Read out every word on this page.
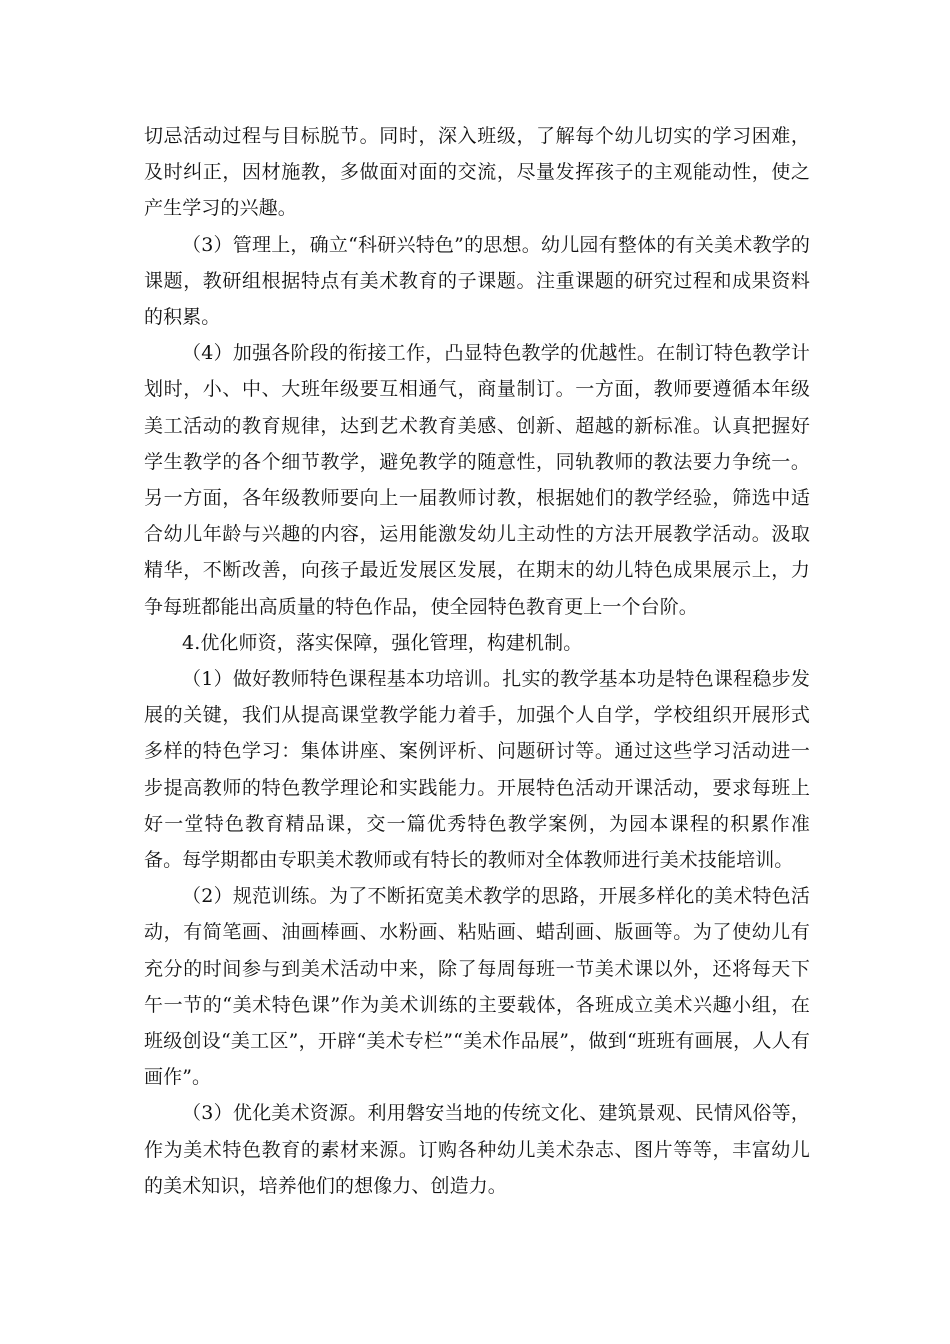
切忌活动过程与目标脱节。同时，深入班级，了解每个幼儿切实的学习困难，及时纠正，因材施教，多做面对面的交流，尽量发挥孩子的主观能动性，使之产生学习的兴趣。

（3）管理上，确立“科研兴特色”的思想。幼儿园有整体的有关美术教学的课题，教研组根据特点有美术教育的子课题。注重课题的研究过程和成果资料的积累。

（4）加强各阶段的衔接工作，凸显特色教学的优越性。在制订特色教学计划时，小、中、大班年级要互相通气，商量制订。一方面，教师要遵循本年级美工活动的教育规律，达到艺术教育美感、创新、超越的新标准。认真把握好学生教学的各个细节教学，避免教学的随意性，同轨教师的教法要力争统一。另一方面，各年级教师要向上一届教师讨教，根据她们的教学经验，筛选中适合幼儿年龄与兴趣的内容，运用能激发幼儿主动性的方法开展教学活动。汲取精华，不断改善，向孩子最近发展区发展，在期末的幼儿特色成果展示上，力争每班都能出高质量的特色作品，使全园特色教育更上一个台阶。

4.优化师资，落实保障，强化管理，构建机制。

（1）做好教师特色课程基本功培训。扎实的教学基本功是特色课程稳步发展的关键，我们从提高课堂教学能力着手，加强个人自学，学校组织开展形式多样的特色学习：集体讲座、案例评析、问题研讨等。通过这些学习活动进一步提高教师的特色教学理论和实践能力。开展特色活动开课活动，要求每班上好一堂特色教育精品课，交一篇优秀特色教学案例，为园本课程的积累作准备。每学期都由专职美术教师或有特长的教师对全体教师进行美术技能培训。

（2）规范训练。为了不断拓宽美术教学的思路，开展多样化的美术特色活动，有简笔画、油画棒画、水粉画、粘贴画、蜡刮画、版画等。为了使幼儿有充分的时间参与到美术活动中来，除了每周每班一节美术课以外，还将每天下午一节的“美术特色课”作为美术训练的主要载体，各班成立美术兴趣小组，在班级创设“美工区”，开辟“美术专栏”“美术作品展”，做到“班班有画展，人人有画作”。

（3）优化美术资源。利用磐安当地的传统文化、建筑景观、民情风俗等，作为美术特色教育的素材来源。订购各种幼儿美术杂志、图片等等，丰富幼儿的美术知识，培养他们的想像力、创造力。
